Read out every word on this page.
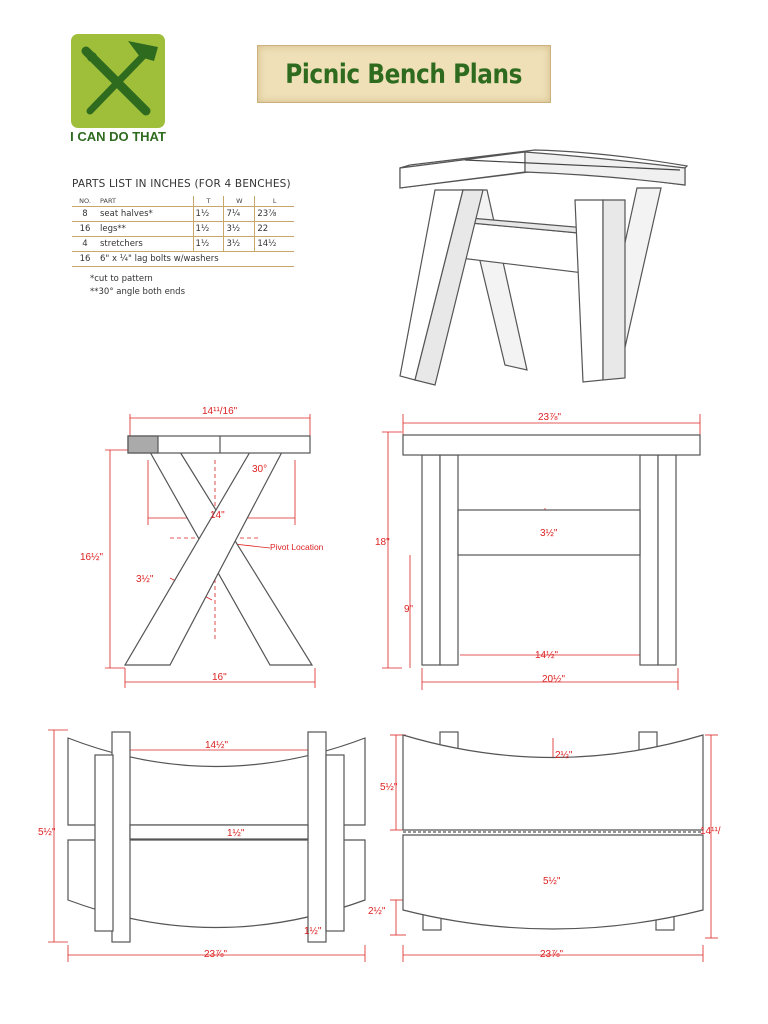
I CAN DO THAT
Picnic Bench Plans
PARTS LIST IN INCHES (FOR 4 BENCHES)
NO.	PART	T	W	L
8	seat halves*	1½	7¼	23⅞
16	legs**	1½	3½	22
4	stretchers	1½	3½	14½
16	6" x ¼" lag bolts w/washers			
*cut to pattern
**30° angle both ends
14¹¹/16"
30°
14"
Pivot Location
16½"
3½"
16"
23⅞"
18"
3½"
9"
14½"
20½"
14½"
5½"	1½"
1½"
23⅞"
2½"
5½"
5½"
14¹¹/
2½"
23⅞"
